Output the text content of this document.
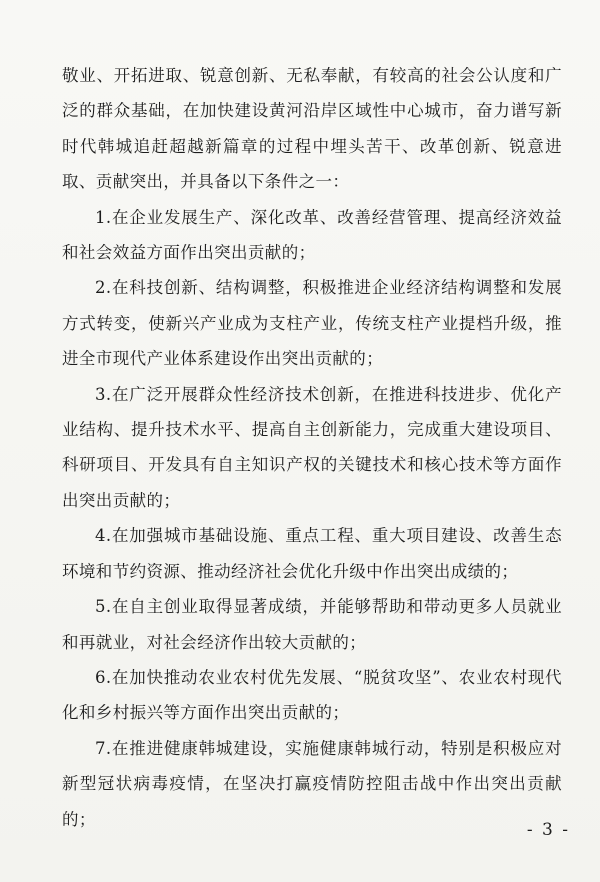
敬业、开拓进取、锐意创新、无私奉献，有较高的社会公认度和广泛的群众基础，在加快建设黄河沿岸区域性中心城市，奋力谱写新时代韩城追赶超越新篇章的过程中埋头苦干、改革创新、锐意进取、贡献突出，并具备以下条件之一：

1.在企业发展生产、深化改革、改善经营管理、提高经济效益和社会效益方面作出突出贡献的；

2.在科技创新、结构调整，积极推进企业经济结构调整和发展方式转变，使新兴产业成为支柱产业，传统支柱产业提档升级，推进全市现代产业体系建设作出突出贡献的；

3.在广泛开展群众性经济技术创新，在推进科技进步、优化产业结构、提升技术水平、提高自主创新能力，完成重大建设项目、科研项目、开发具有自主知识产权的关键技术和核心技术等方面作出突出贡献的；

4.在加强城市基础设施、重点工程、重大项目建设、改善生态环境和节约资源、推动经济社会优化升级中作出突出成绩的；

5.在自主创业取得显著成绩，并能够帮助和带动更多人员就业和再就业，对社会经济作出较大贡献的；

6.在加快推动农业农村优先发展、“脱贫攻坚”、农业农村现代化和乡村振兴等方面作出突出贡献的；

7.在推进健康韩城建设，实施健康韩城行动，特别是积极应对新型冠状病毒疫情，在坚决打赢疫情防控阻击战中作出突出贡献的；

- 3 -
